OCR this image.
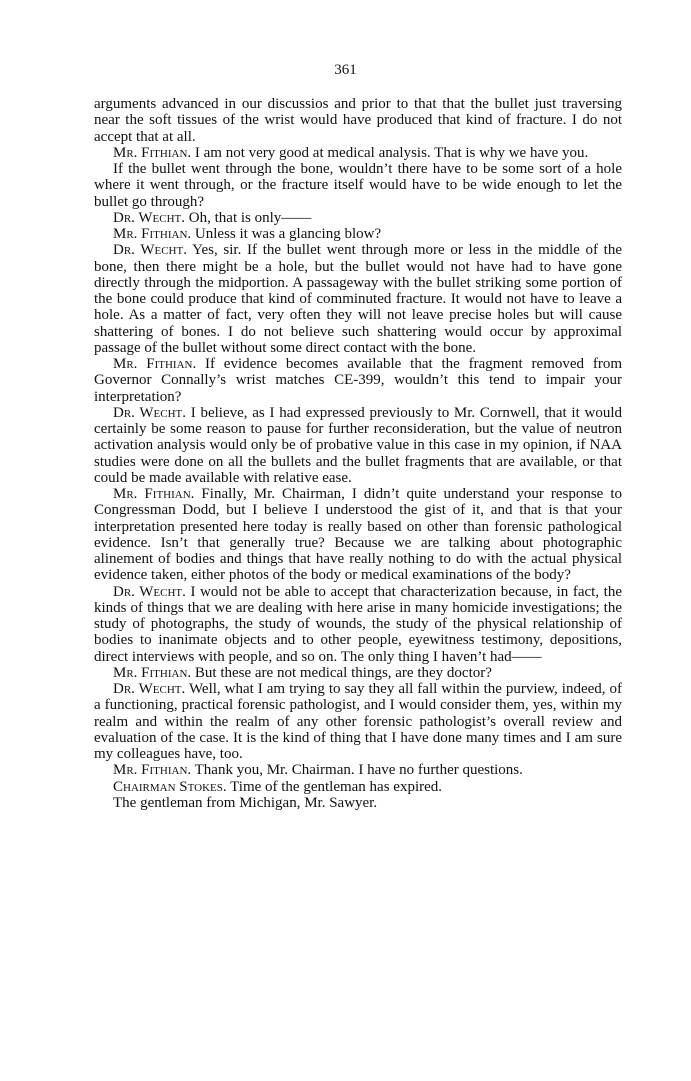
361

arguments advanced in our discussios and prior to that that the bullet just traversing near the soft tissues of the wrist would have produced that kind of fracture. I do not accept that at all.

Mr. Fithian. I am not very good at medical analysis. That is why we have you.

If the bullet went through the bone, wouldn’t there have to be some sort of a hole where it went through, or the fracture itself would have to be wide enough to let the bullet go through?

Dr. Wecht. Oh, that is only——

Mr. Fithian. Unless it was a glancing blow?

Dr. Wecht. Yes, sir. If the bullet went through more or less in the middle of the bone, then there might be a hole, but the bullet would not have had to have gone directly through the midportion. A passageway with the bullet striking some portion of the bone could produce that kind of comminuted fracture. It would not have to leave a hole. As a matter of fact, very often they will not leave precise holes but will cause shattering of bones. I do not believe such shattering would occur by approximal passage of the bullet without some direct contact with the bone.

Mr. Fithian. If evidence becomes available that the fragment removed from Governor Connally’s wrist matches CE-399, wouldn’t this tend to impair your interpretation?

Dr. Wecht. I believe, as I had expressed previously to Mr. Cornwell, that it would certainly be some reason to pause for further reconsideration, but the value of neutron activation analysis would only be of probative value in this case in my opinion, if NAA studies were done on all the bullets and the bullet fragments that are available, or that could be made available with relative ease.

Mr. Fithian. Finally, Mr. Chairman, I didn’t quite understand your response to Congressman Dodd, but I believe I understood the gist of it, and that is that your interpretation presented here today is really based on other than forensic pathological evidence. Isn’t that generally true? Because we are talking about photographic alinement of bodies and things that have really nothing to do with the actual physical evidence taken, either photos of the body or medical examinations of the body?

Dr. Wecht. I would not be able to accept that characterization because, in fact, the kinds of things that we are dealing with here arise in many homicide investigations; the study of photographs, the study of wounds, the study of the physical relationship of bodies to inanimate objects and to other people, eyewitness testimony, depositions, direct interviews with people, and so on. The only thing I haven’t had——

Mr. Fithian. But these are not medical things, are they doctor?

Dr. Wecht. Well, what I am trying to say they all fall within the purview, indeed, of a functioning, practical forensic pathologist, and I would consider them, yes, within my realm and within the realm of any other forensic pathologist’s overall review and evaluation of the case. It is the kind of thing that I have done many times and I am sure my colleagues have, too.

Mr. Fithian. Thank you, Mr. Chairman. I have no further questions.

Chairman Stokes. Time of the gentleman has expired.

The gentleman from Michigan, Mr. Sawyer.
